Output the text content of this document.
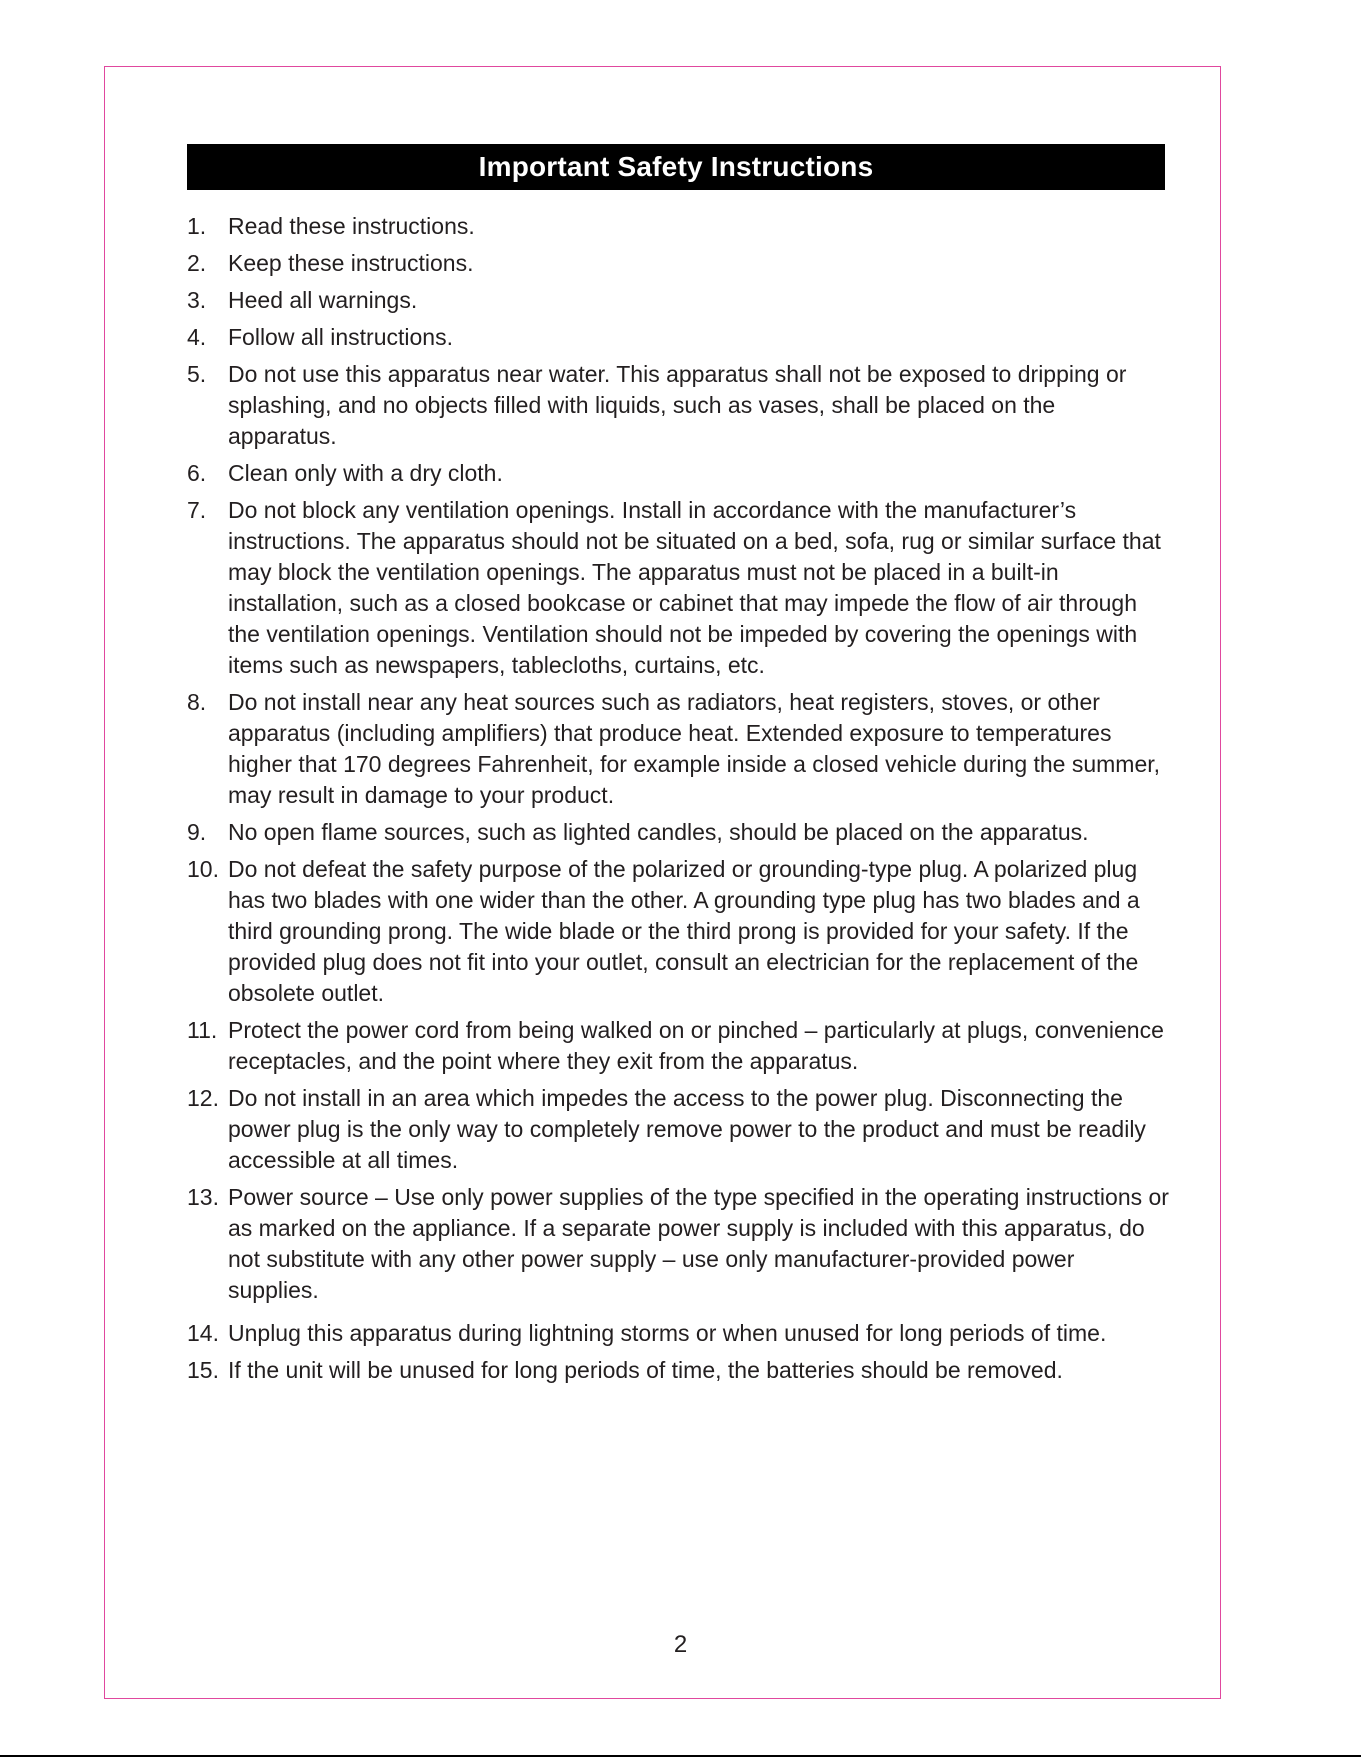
Important Safety Instructions
1. Read these instructions.
2. Keep these instructions.
3. Heed all warnings.
4. Follow all instructions.
5. Do not use this apparatus near water. This apparatus shall not be exposed to dripping or splashing, and no objects filled with liquids, such as vases, shall be placed on the apparatus.
6. Clean only with a dry cloth.
7. Do not block any ventilation openings. Install in accordance with the manufacturer’s instructions. The apparatus should not be situated on a bed, sofa, rug or similar surface that may block the ventilation openings. The apparatus must not be placed in a built-in installation, such as a closed bookcase or cabinet that may impede the flow of air through the ventilation openings. Ventilation should not be impeded by covering the openings with items such as newspapers, tablecloths, curtains, etc.
8. Do not install near any heat sources such as radiators, heat registers, stoves, or other apparatus (including amplifiers) that produce heat. Extended exposure to temperatures higher that 170 degrees Fahrenheit, for example inside a closed vehicle during the summer, may result in damage to your product.
9. No open flame sources, such as lighted candles, should be placed on the apparatus.
10. Do not defeat the safety purpose of the polarized or grounding-type plug. A polarized plug has two blades with one wider than the other. A grounding type plug has two blades and a third grounding prong. The wide blade or the third prong is provided for your safety. If the provided plug does not fit into your outlet, consult an electrician for the replacement of the obsolete outlet.
11. Protect the power cord from being walked on or pinched – particularly at plugs, convenience receptacles, and the point where they exit from the apparatus.
12. Do not install in an area which impedes the access to the power plug. Disconnecting the power plug is the only way to completely remove power to the product and must be readily accessible at all times.
13. Power source – Use only power supplies of the type specified in the operating instructions or as marked on the appliance. If a separate power supply is included with this apparatus, do not substitute with any other power supply – use only manufacturer-provided power supplies.
14. Unplug this apparatus during lightning storms or when unused for long periods of time.
15. If the unit will be unused for long periods of time, the batteries should be removed.
2
